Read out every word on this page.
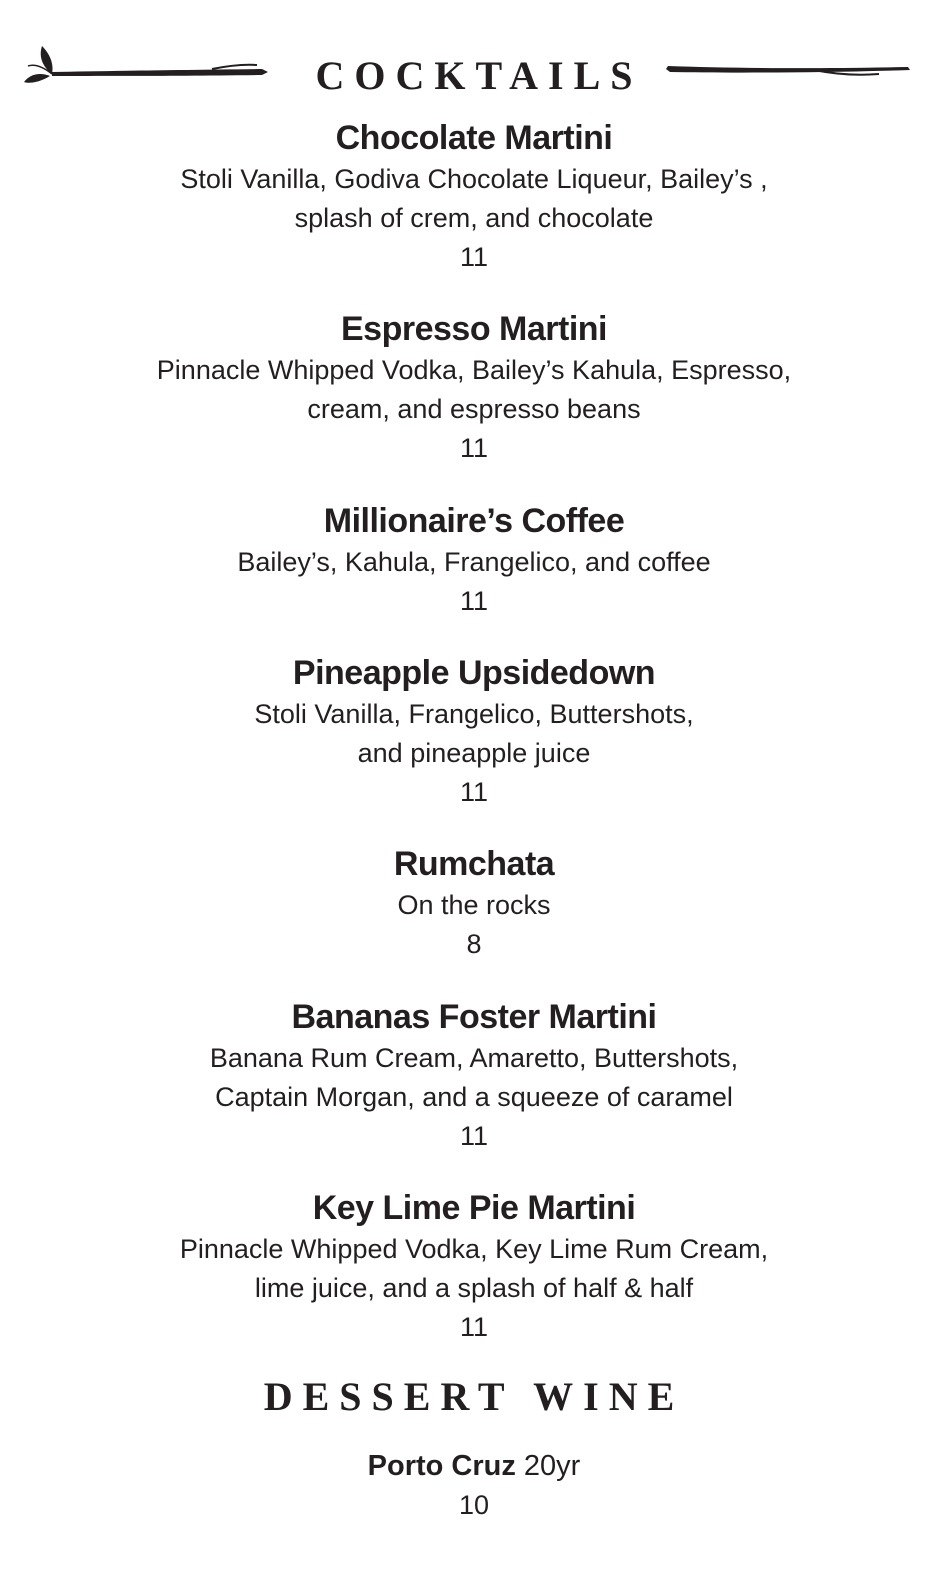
COCKTAILS
Chocolate Martini
Stoli Vanilla, Godiva Chocolate Liqueur, Bailey’s ,
splash of crem, and chocolate
11
Espresso Martini
Pinnacle Whipped Vodka, Bailey’s Kahula, Espresso,
cream, and espresso beans
11
Millionaire’s Coffee
Bailey’s, Kahula, Frangelico, and coffee
11
Pineapple Upsidedown
Stoli Vanilla, Frangelico, Buttershots,
and pineapple juice
11
Rumchata
On the rocks
8
Bananas Foster Martini
Banana Rum Cream, Amaretto, Buttershots,
Captain Morgan, and a squeeze of caramel
11
Key Lime Pie Martini
Pinnacle Whipped Vodka, Key Lime Rum Cream,
lime juice, and a splash of half & half
11
DESSERT WINE
Porto Cruz 20yr
10
